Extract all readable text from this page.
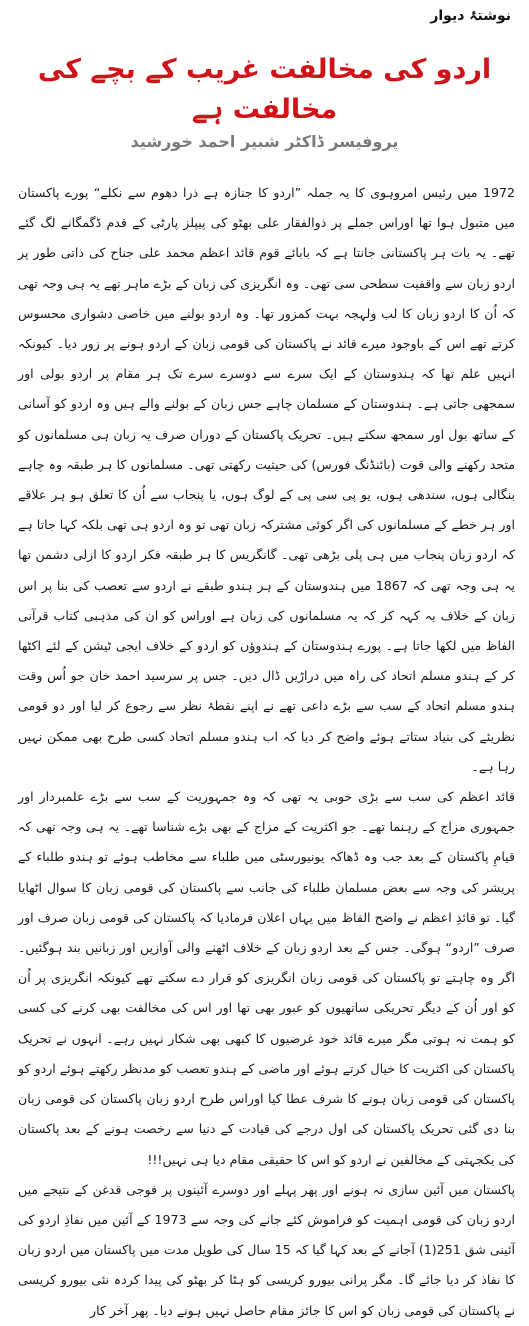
نوشتۂ دیوار
اردو کی مخالفت غریب کے بچے کی مخالفت ہے
پروفیسر ڈاکٹر شبیر احمد خورشید

1972 میں رئیس امروہوی کا یہ جملہ ”اردو کا جنازہ ہے ذرا دھوم سے نکلے“ پورے پاکستان میں متبول ہوا تھا اوراس جملے پر ذوالفقار علی بھٹو کی پیپلز پارٹی کے قدم ڈگمگانے لگ گئے تھے۔ یہ بات ہر پاکستانی جانتا ہے کہ بابائے قوم قائد اعظم محمد علی جناح کی ذاتی طور پر اردو زبان سے واقفیت سطحی سی تھی۔ وہ انگریزی کی زبان کے بڑے ماہر تھے یہ ہی وجہ تھی کہ اُن کا اردو زبان کا لب ولہجہ بہت کمزور تھا۔ وہ اردو بولنے میں خاصی دشواری محسوس کرتے تھے اس کے باوجود میرے قائد نے پاکستان کی قومی زبان کے اردو ہونے پر زور دیا۔ کیونکہ انہیں علم تھا کہ ہندوستان کے ایک سرے سے دوسرے سرے تک ہر مقام پر اردو بولی اور سمجھی جاتی ہے۔ ہندوستان کے مسلمان چاہے جس زبان کے بولنے والے ہیں وہ اردو کو آسانی کے ساتھ بول اور سمجھ سکتے ہیں۔ تحریک پاکستان کے دوران صرف یہ زبان ہی مسلمانوں کو متحد رکھنے والی قوت (بائنڈنگ فورس) کی حیثیت رکھتی تھی۔ مسلمانوں کا ہر طبقہ وہ چاہے بنگالی ہوں، سندھی ہوں، یو پی سی پی کے لوگ ہوں، یا پنجاب سے اُن کا تعلق ہو ہر علاقے اور ہر خطے کے مسلمانوں کی اگر کوئی مشترکہ زبان تھی تو وہ اردو ہی تھی بلکہ کہا جاتا ہے کہ اردو زبان پنجاب میں ہی پلی بڑھی تھی۔ گانگریس کا ہر طبقہ فکر اردو کا ازلی دشمن تھا یہ ہی وجہ تھی کہ 1867 میں ہندوستان کے ہر ہندو طبقے نے اردو سے تعصب کی بنا پر اس زبان کے خلاف یہ کہہ کر کہ یہ مسلمانوں کی زبان ہے اوراس کو ان کی مذہبی کتاب قرآنی الفاظ میں لکھا جاتا ہے۔ پورے ہندوستان کے ہندوؤں کو اردو کے خلاف ایجی ٹیشن کے لئے اکٹھا کر کے ہندو مسلم اتحاد کی راہ میں دراڑیں ڈال دیں۔ جس پر سرسید احمد خان جو اُس وقت ہندو مسلم اتحاد کے سب سے بڑے داعی تھے نے اپنے نقطۂ نظر سے رجوع کر لیا اور دو قومی نظریئے کی بنیاد ستاتے ہوئے واضح کر دیا کہ اب ہندو مسلم اتحاد کسی طرح بھی ممکن نہیں رہا ہے۔

قائد اعظم کی سب سے بڑی خوبی یہ تھی کہ وہ جمہوریت کے سب سے بڑے علمبردار اور جمہوری مزاج کے رہنما تھے۔ جو اکثریت کے مزاج کے بھی بڑے شناسا تھے۔ یہ ہی وجہ تھی کہ قیامِ پاکستان کے بعد جب وہ ڈھاکہ یونیورسٹی میں طلباء سے مخاطب ہوئے تو ہندو طلباء کے پریشر کی وجہ سے بعض مسلمان طلباء کی جانب سے پاکستان کی قومی زبان کا سوال اٹھایا گیا۔ تو قائدِ اعظم نے واضح الفاظ میں یہاں اعلان فرمادیا کہ پاکستان کی قومی زبان صرف اور صرف ”اردو“ ہوگی۔ جس کے بعد اردو زبان کے خلاف اٹھنے والی آوازیں اور زبانیں بند ہوگئیں۔ اگر وہ چاہتے تو پاکستان کی قومی زبان انگریزی کو قرار دے سکتے تھے کیونکہ انگریزی پر اُن کو اور اُن کے دیگر تحریکی ساتھیوں کو عبور بھی تھا اور اس کی مخالفت بھی کرنے کی کسی کو ہمت نہ ہوتی مگر میرے قائد خود غرضیوں کا کبھی بھی شکار نہیں رہے۔ انہوں نے تحریک پاکستان کی اکثریت کا خیال کرتے ہوئے اور ماضی کے ہندو تعصب کو مدنظر رکھتے ہوئے اردو کو پاکستان کی قومی زبان ہونے کا شرف عطا کیا اوراس طرح اردو زبان پاکستان کی قومی زبان بنا دی گئی تحریک پاکستان کی اول درجے کی قیادت کے دنیا سے رخصت ہونے کے بعد پاکستان کی یکجہتی کے مخالفین نے اردو کو اس کا حقیقی مقام دیا ہی نہیں!!!

پاکستان میں آئین سازی نہ ہونے اور پھر پہلے اور دوسرے آئینوں پر فوجی قدغن کے نتیجے میں اردو زبان کی قومی اہمیت کو فراموش کئے جانے کی وجہ سے 1973 کے آئین میں نفاذِ اردو کی آئینی شق 251(1) آجانے کے بعد کہا گیا کہ 15 سال کی طویل مدت میں پاکستان میں اردو زبان کا نفاذ کر دیا جائے گا۔ مگر پرانی بیورو کریسی کو ہٹا کر بھٹو کی پیدا کردہ نئی بیورو کریسی نے پاکستان کی قومی زبان کو اس کا جائز مقام حاصل نہیں ہونے دیا۔ پھر آخر کار
